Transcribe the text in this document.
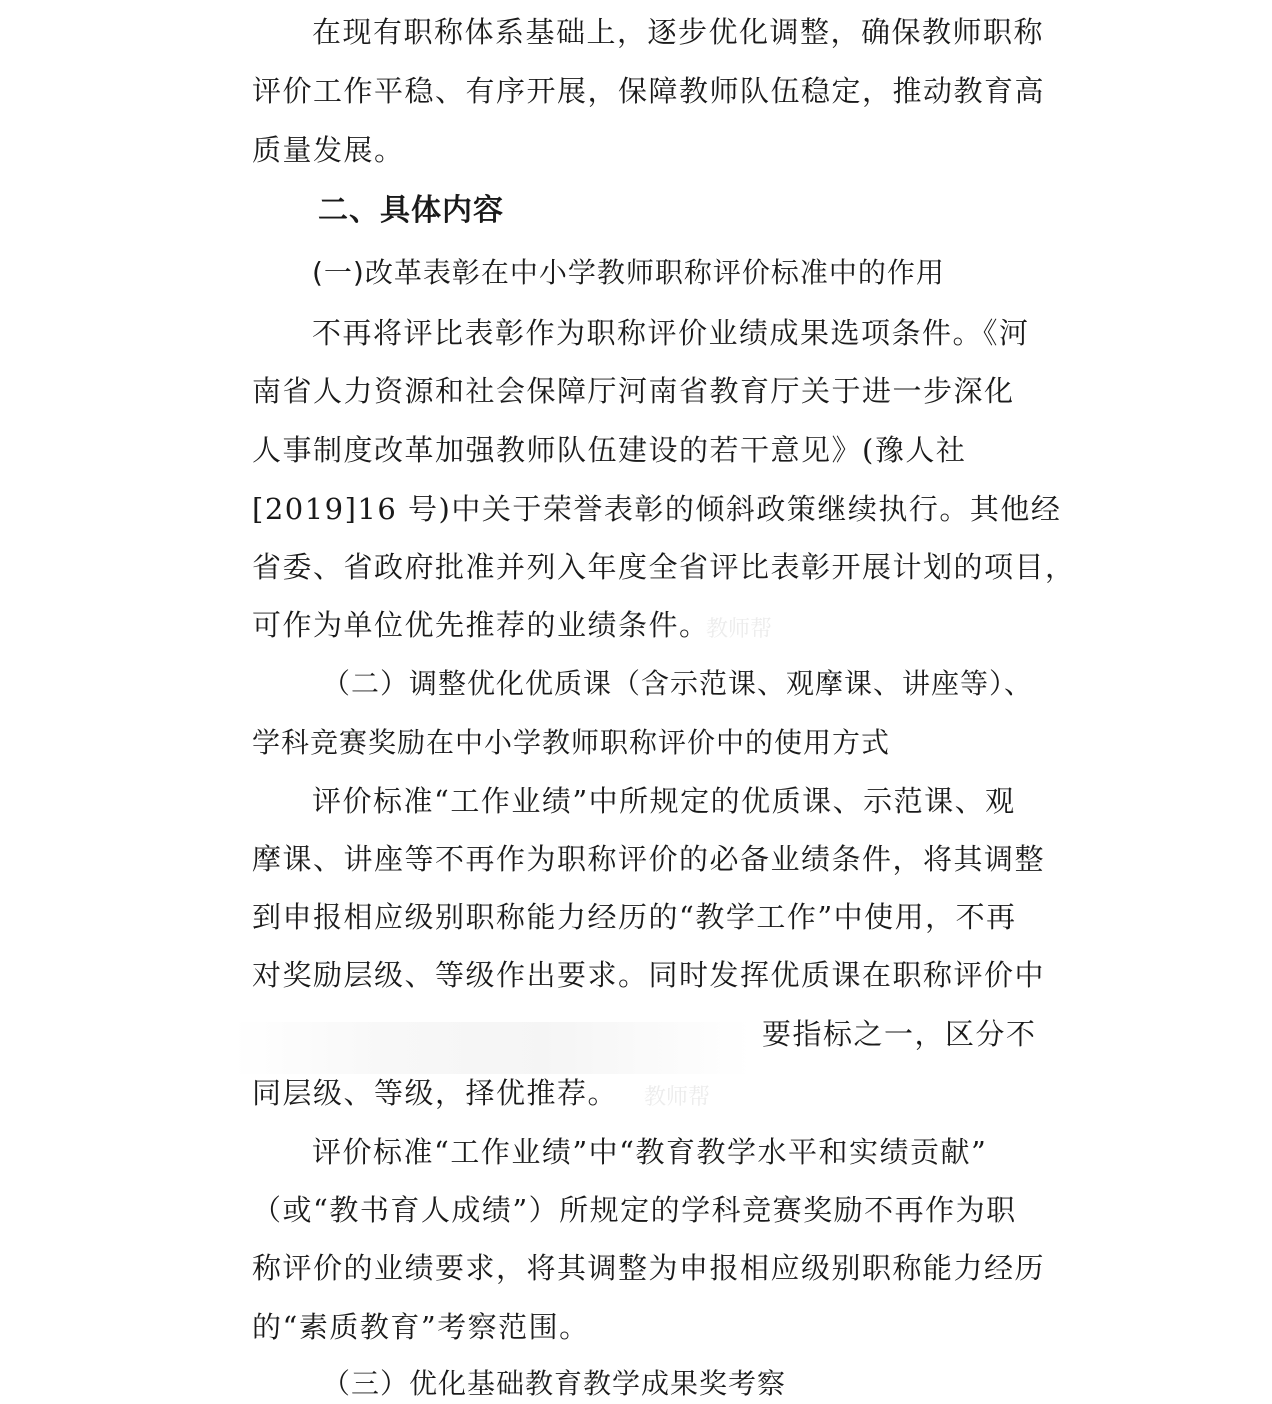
在现有职称体系基础上，逐步优化调整，确保教师职称
评价工作平稳、有序开展，保障教师队伍稳定，推动教育高
质量发展。
二、具体内容
(一)改革表彰在中小学教师职称评价标准中的作用
不再将评比表彰作为职称评价业绩成果选项条件。《河
南省人力资源和社会保障厅河南省教育厅关于进一步深化
人事制度改革加强教师队伍建设的若干意见》(豫人社
[2019]16 号)中关于荣誉表彰的倾斜政策继续执行。其他经
省委、省政府批准并列入年度全省评比表彰开展计划的项目，
可作为单位优先推荐的业绩条件。
教师帮
（二）调整优化优质课（含示范课、观摩课、讲座等）、
学科竞赛奖励在中小学教师职称评价中的使用方式
评价标准“工作业绩”中所规定的优质课、示范课、观
摩课、讲座等不再作为职称评价的必备业绩条件，将其调整
到申报相应级别职称能力经历的“教学工作”中使用，不再
对奖励层级、等级作出要求。同时发挥优质课在职称评价中
要指标之一，区分不
同层级、等级，择优推荐。 教师帮
评价标准“工作业绩”中“教育教学水平和实绩贡献”
（或“教书育人成绩”）所规定的学科竞赛奖励不再作为职
称评价的业绩要求，将其调整为申报相应级别职称能力经历
的“素质教育”考察范围。
（三）优化基础教育教学成果奖考察
